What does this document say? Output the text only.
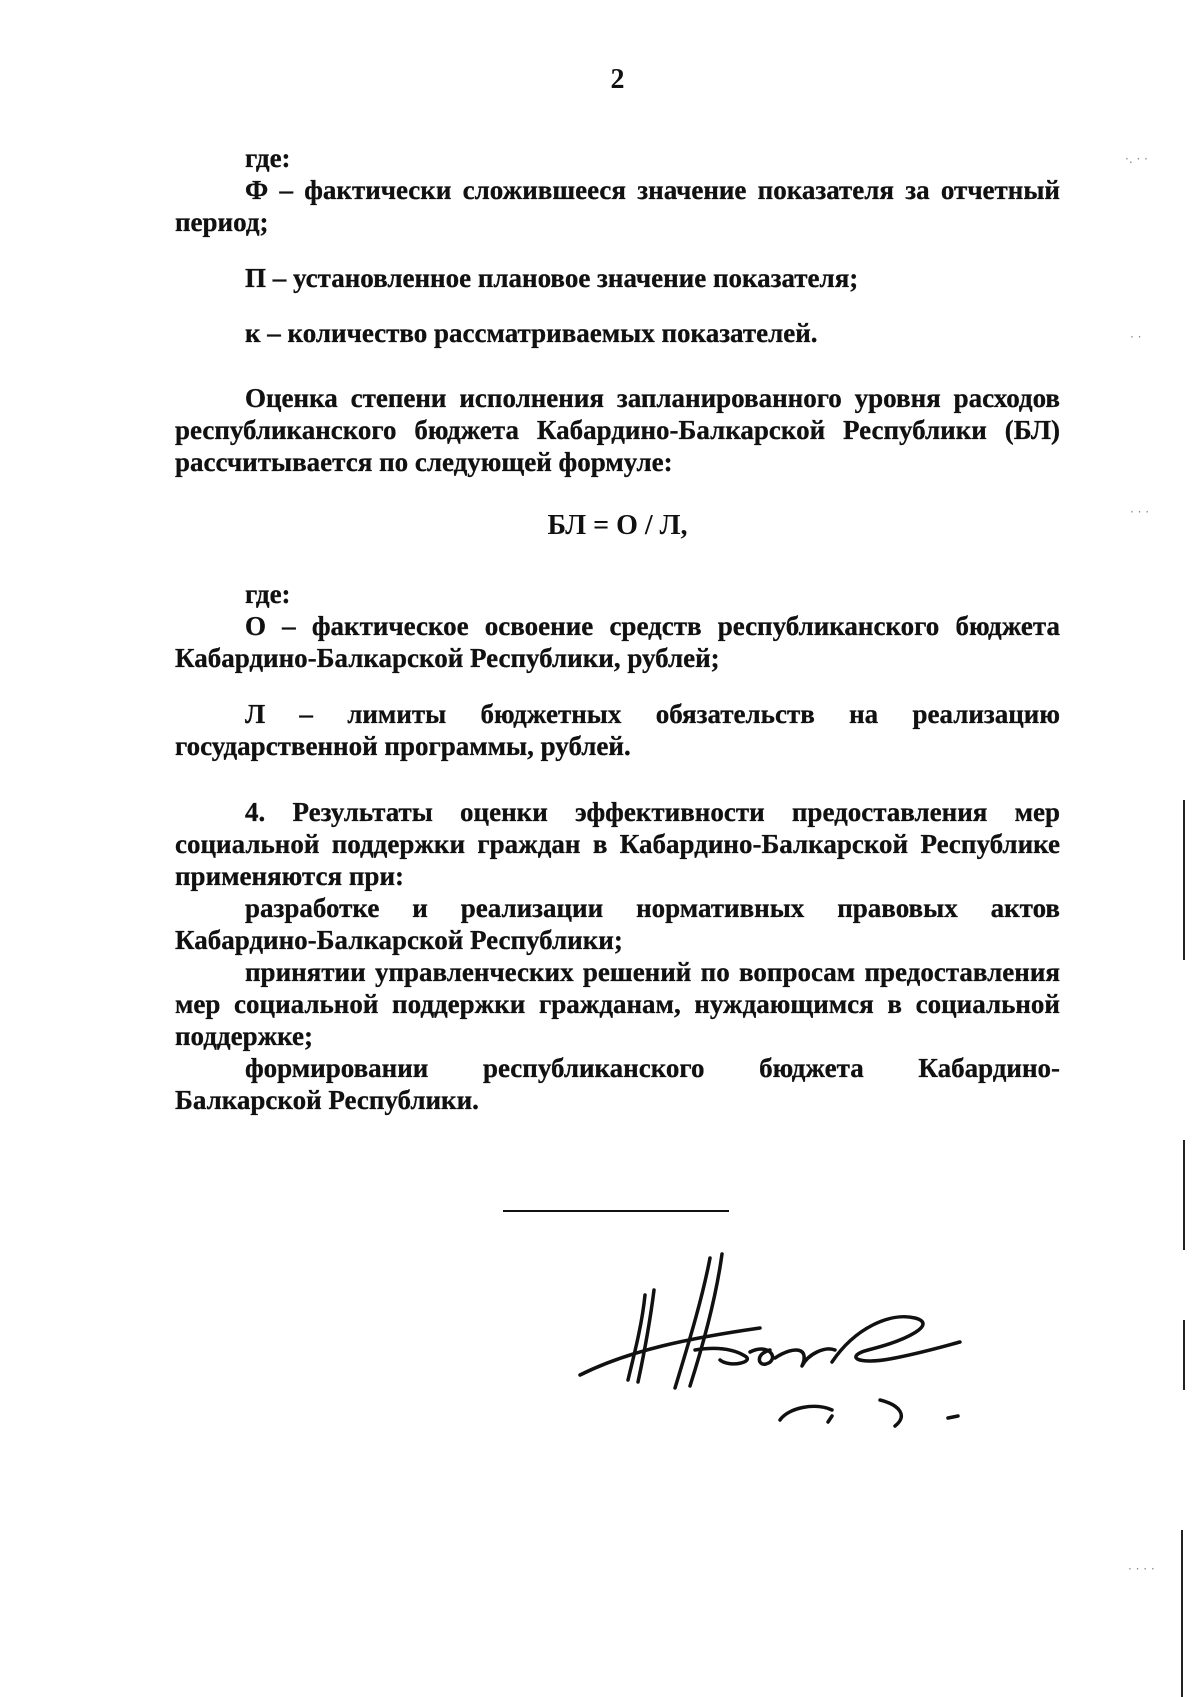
2

где:

Ф – фактически сложившееся значение показателя за отчетный период;

П – установленное плановое значение показателя;

к – количество рассматриваемых показателей.

Оценка степени исполнения запланированного уровня расходов республиканского бюджета Кабардино-Балкарской Республики (БЛ) рассчитывается по следующей формуле:

БЛ = О / Л,

где:

О – фактическое освоение средств республиканского бюджета Кабардино-Балкарской Республики, рублей;

Л – лимиты бюджетных обязательств на реализацию государственной программы, рублей.

4. Результаты оценки эффективности предоставления мер социальной поддержки граждан в Кабардино-Балкарской Республике применяются при:

разработке и реализации нормативных правовых актов Кабардино-Балкарской Республики;

принятии управленческих решений по вопросам предоставления мер социальной поддержки гражданам, нуждающимся в социальной поддержке;

формировании республиканского бюджета Кабардино-Балкарской Республики.

·. · ·
· ·
· · ·
· · · ·
